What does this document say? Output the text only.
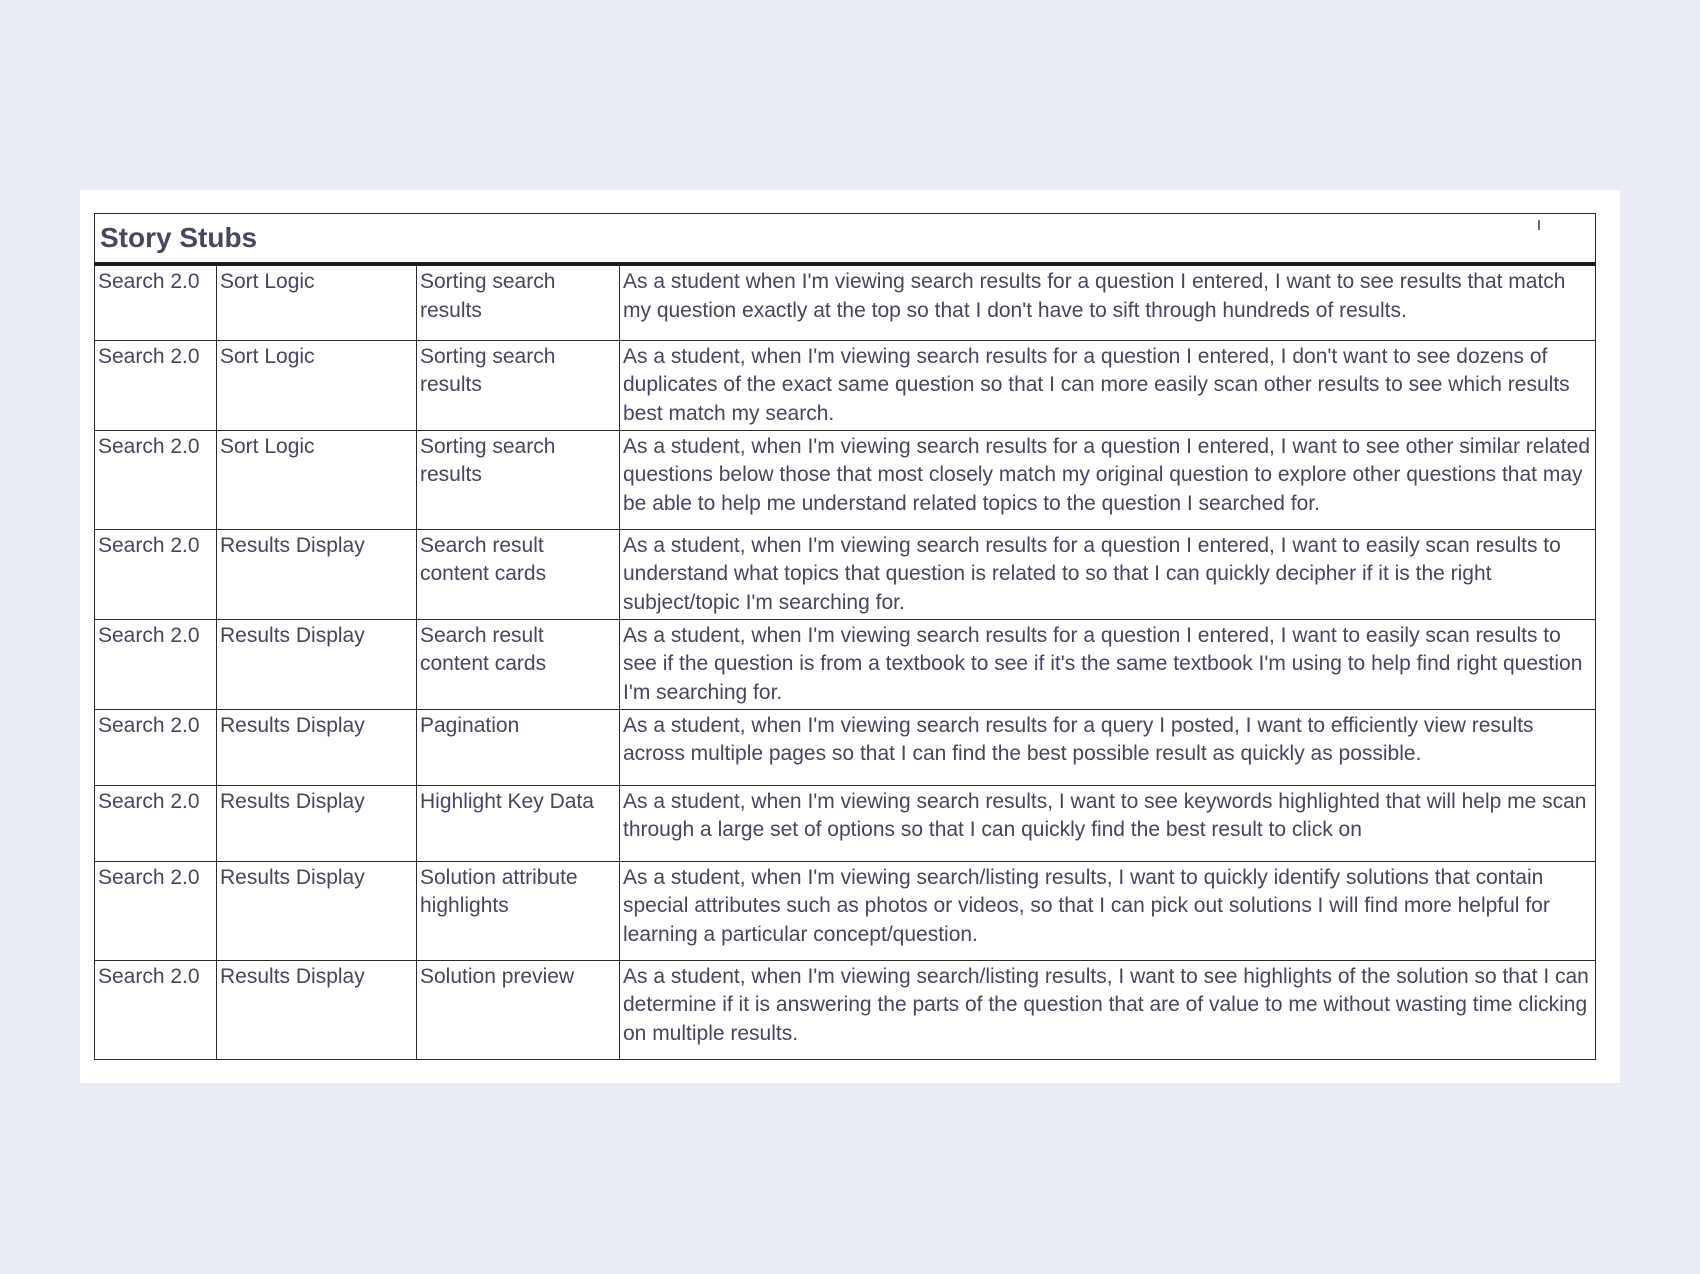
Story Stubs			
Search 2.0	Sort Logic	Sorting search results	As a student when I'm viewing search results for a question I entered, I want to see results that match my question exactly at the top so that I don't have to sift through hundreds of results.
Search 2.0	Sort Logic	Sorting search results	As a student, when I'm viewing search results for a question I entered, I don't want to see dozens of duplicates of the exact same question so that I can more easily scan other results to see which results best match my search.
Search 2.0	Sort Logic	Sorting search results	As a student, when I'm viewing search results for a question I entered, I want to see other similar related questions below those that most closely match my original question to explore other questions that may be able to help me understand related topics to the question I searched for.
Search 2.0	Results Display	Search result content cards	As a student, when I'm viewing search results for a question I entered, I want to easily scan results to understand what topics that question is related to so that I can quickly decipher if it is the right subject/topic I'm searching for.
Search 2.0	Results Display	Search result content cards	As a student, when I'm viewing search results for a question I entered, I want to easily scan results to see if the question is from a textbook to see if it's the same textbook I'm using to help find right question I'm searching for.
Search 2.0	Results Display	Pagination	As a student, when I'm viewing search results for a query I posted, I want to efficiently view results across multiple pages so that I can find the best possible result as quickly as possible.
Search 2.0	Results Display	Highlight Key Data	As a student, when I'm viewing search results, I want to see keywords highlighted that will help me scan through a large set of options so that I can quickly find the best result to click on
Search 2.0	Results Display	Solution attribute highlights	As a student, when I'm viewing search/listing results, I want to quickly identify solutions that contain special attributes such as photos or videos, so that I can pick out solutions I will find more helpful for learning a particular concept/question.
Search 2.0	Results Display	Solution preview	As a student, when I'm viewing search/listing results, I want to see highlights of the solution so that I can determine if it is answering the parts of the question that are of value to me without wasting time clicking on multiple results.
